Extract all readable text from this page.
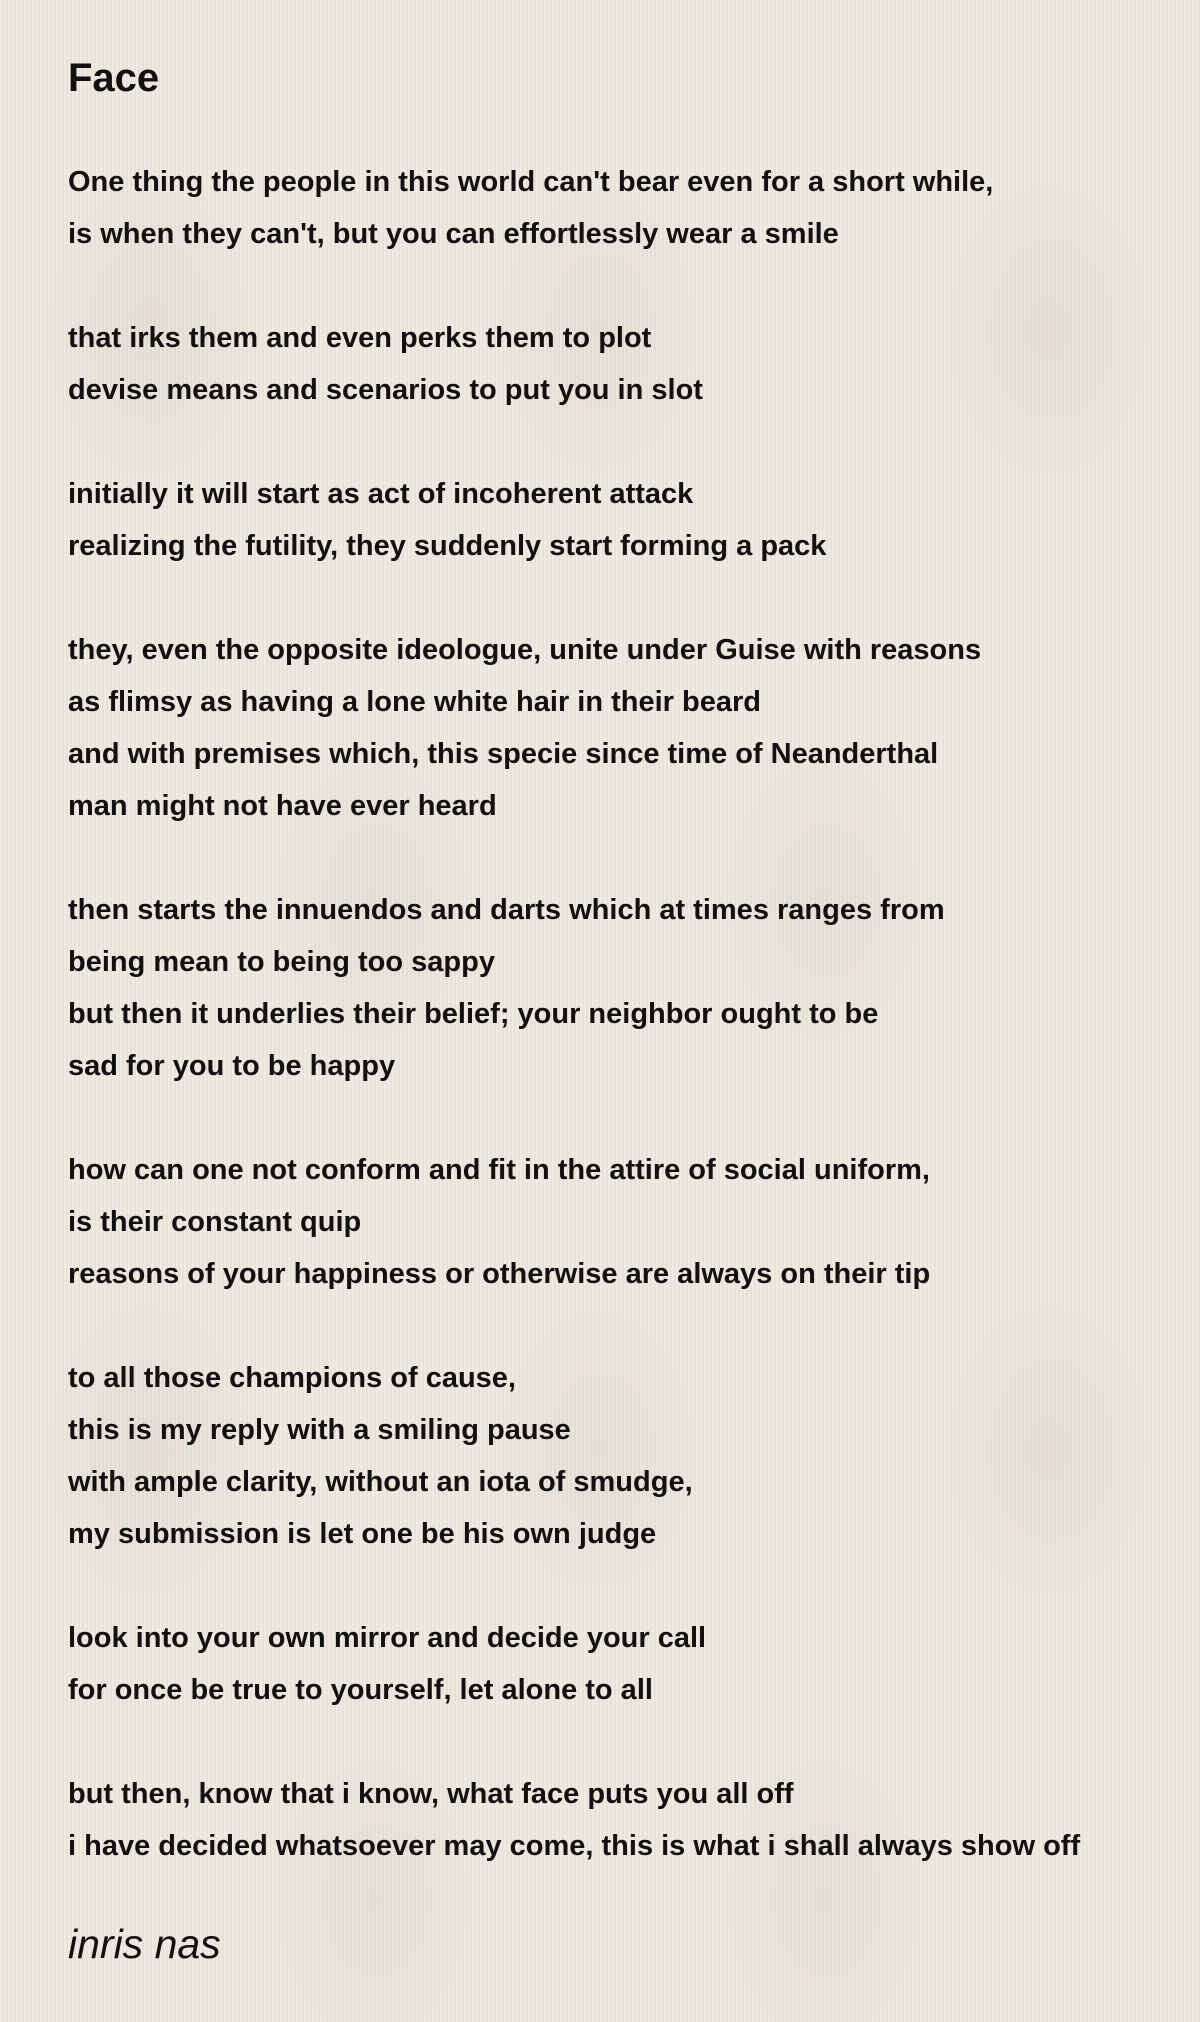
Face
One thing the people in this world can't bear even for a short while,
is when they can't, but you can effortlessly wear a smile
that irks them and even perks them to plot
devise means and scenarios to put you in slot
initially it will start as act of incoherent attack
realizing the futility, they suddenly start forming a pack
they, even the opposite ideologue, unite under Guise with reasons
as flimsy as having a lone white hair in their beard
and with premises which, this specie since time of Neanderthal
man might not have ever heard
then starts the innuendos and darts which at times ranges from
being mean to being too sappy
but then it underlies their belief; your neighbor ought to be
sad for you to be happy
how can one not conform and fit in the attire of social uniform,
is their constant quip
reasons of your happiness or otherwise are always on their tip
to all those champions of cause,
this is my reply with a smiling pause
with ample clarity, without an iota of smudge,
my submission is let one be his own judge
look into your own mirror and decide your call
for once be true to yourself, let alone to all
but then, know that i know, what face puts you all off
i have decided whatsoever may come, this is what i shall always show off

inris nas
